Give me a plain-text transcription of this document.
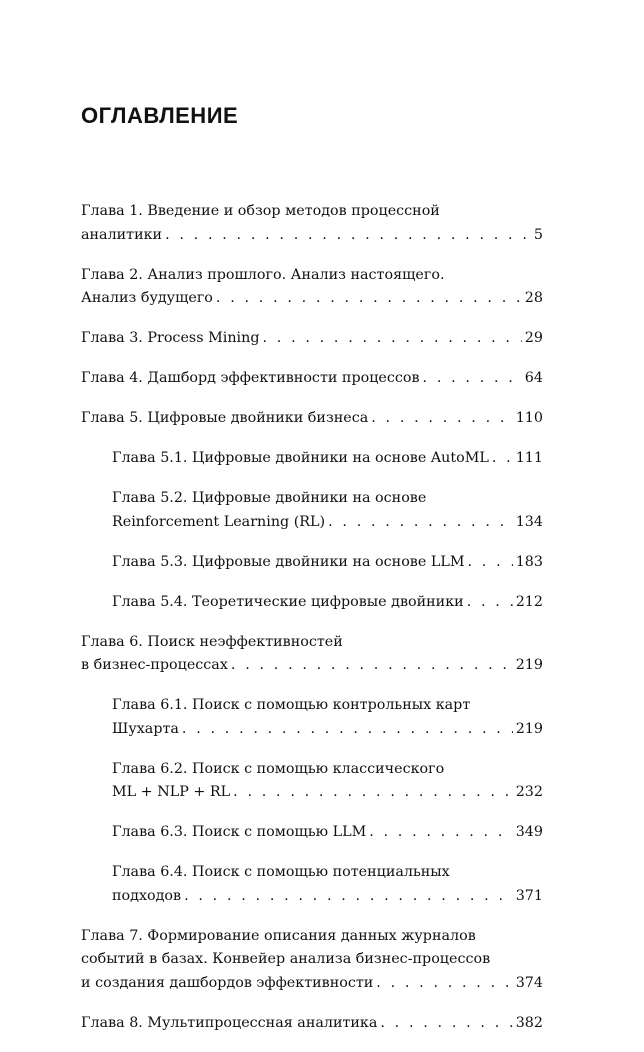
ОГЛАВЛЕНИЕ
Глава 1. Введение и обзор методов процессной
аналитики . . .	5
Глава 2. Анализ прошлого. Анализ настоящего.
Анализ будущего . . .	28
Глава 3. Process Mining . . .	29
Глава 4. Дашборд эффективности процессов . . .	64
Глава 5. Цифровые двойники бизнеса . . .	110
Глава 5.1. Цифровые двойники на основе AutoML . . . 111
Глава 5.2. Цифровые двойники на основе
Reinforcement Learning (RL) . . .	134
Глава 5.3. Цифровые двойники на основе LLM . . .	183
Глава 5.4. Теоретические цифровые двойники . . .	212
Глава 6. Поиск неэффективностей
в бизнес-процессах . . .	219
Глава 6.1. Поиск с помощью контрольных карт
Шухарта . . .	219
Глава 6.2. Поиск с помощью классического
ML + NLP + RL . . .	232
Глава 6.3. Поиск с помощью LLM . . .	349
Глава 6.4. Поиск с помощью потенциальных
подходов . . .	371
Глава 7. Формирование описания данных журналов
событий в базах. Конвейер анализа бизнес-процессов
и создания дашбордов эффективности . . .	374
Глава 8. Мультипроцессная аналитика . . .	382
